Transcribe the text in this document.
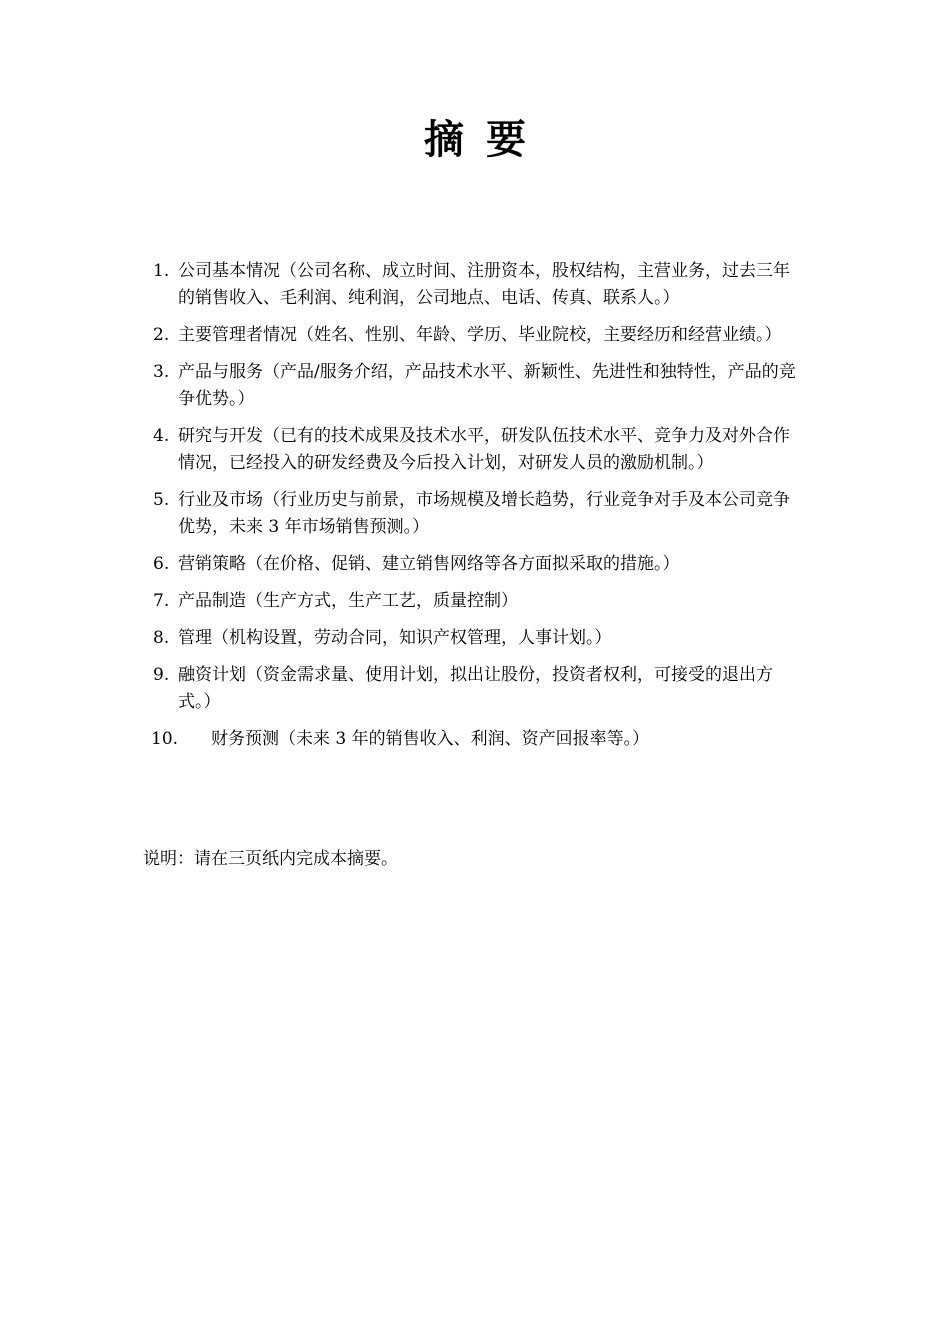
摘要
1. 公司基本情况（公司名称、成立时间、注册资本，股权结构，主营业务，过去三年的销售收入、毛利润、纯利润，公司地点、电话、传真、联系人。）
2. 主要管理者情况（姓名、性别、年龄、学历、毕业院校，主要经历和经营业绩。）
3. 产品与服务（产品/服务介绍，产品技术水平、新颖性、先进性和独特性，产品的竞争优势。）
4. 研究与开发（已有的技术成果及技术水平，研发队伍技术水平、竞争力及对外合作情况，已经投入的研发经费及今后投入计划，对研发人员的激励机制。）
5. 行业及市场（行业历史与前景，市场规模及增长趋势，行业竞争对手及本公司竞争优势，未来 3 年市场销售预测。）
6. 营销策略（在价格、促销、建立销售网络等各方面拟采取的措施。）
7. 产品制造（生产方式，生产工艺，质量控制）
8. 管理（机构设置，劳动合同，知识产权管理，人事计划。）
9. 融资计划（资金需求量、使用计划，拟出让股份，投资者权利，可接受的退出方式。）
10. 财务预测（未来 3 年的销售收入、利润、资产回报率等。）
说明：请在三页纸内完成本摘要。
